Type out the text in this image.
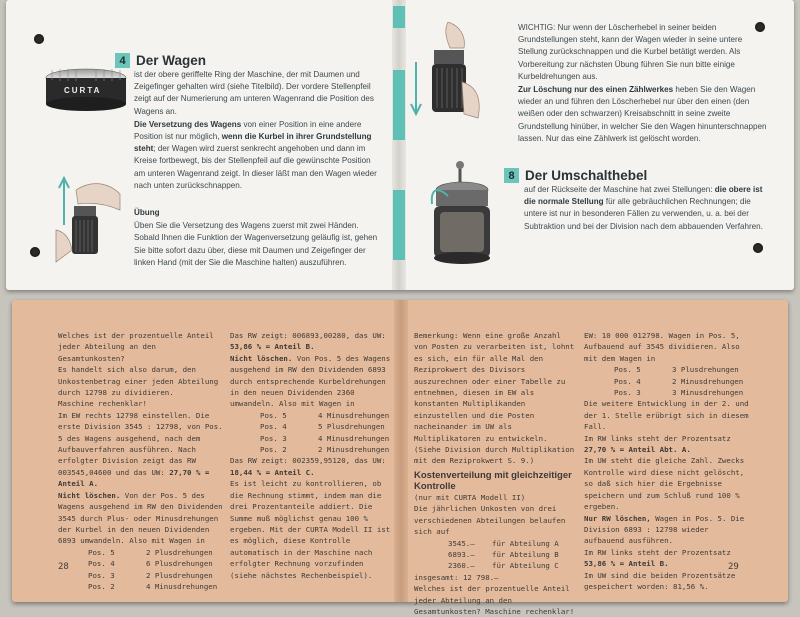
CURTA
4 Der Wagen

ist der obere geriffelte Ring der Maschine, der mit Daumen und Zeigefinger gehalten wird (siehe Titelbild). Der vordere Stellenpfeil zeigt auf der Numerierung am unteren Wagenrand die Position des Wagens an.

Die Versetzung des Wagens von einer Position in eine andere Position ist nur möglich, wenn die Kurbel in ihrer Grundstellung steht; der Wagen wird zuerst senkrecht angehoben und dann im Kreise fortbewegt, bis der Stellenpfeil auf die gewünschte Position am unteren Wagenrand zeigt. In dieser läßt man den Wagen wieder nach unten zurückschnappen.

Übung

Üben Sie die Versetzung des Wagens zuerst mit zwei Händen. Sobald Ihnen die Funktion der Wagenversetzung geläufig ist, gehen Sie bitte sofort dazu über, diese mit Daumen und Zeigefinger der linken Hand (mit der Sie die Maschine halten) auszuführen.

WICHTIG: Nur wenn der Löscherhebel in seiner beiden Grundstellungen steht, kann der Wagen wieder in seine untere Stellung zurückschnappen und die Kurbel betätigt werden. Als Vorbereitung zur nächsten Übung führen Sie nun bitte einige Kurbeldrehungen aus.

Zur Löschung nur des einen Zählwerkes heben Sie den Wagen wieder an und führen den Löscherhebel nur über den einen (den weißen oder den schwarzen) Kreisabschnitt in seine zweite Grundstellung hinüber, in welcher Sie den Wagen hinunterschnappen lassen. Nur das eine Zählwerk ist gelöscht worden.

8 Der Umschalthebel

auf der Rückseite der Maschine hat zwei Stellungen: die obere ist die normale Stellung für alle gebräuchlichen Rechnungen; die untere ist nur in besonderen Fällen zu verwenden, u. a. bei der Subtraktion und bei der Division nach dem abbauenden Verfahren.

Welches ist der prozentuelle Anteil jeder Abteilung an den Gesamtunkosten?

Es handelt sich also darum, den Unkostenbetrag einer jeden Abteilung durch 12798 zu dividieren.

Maschine rechenklar!

Im EW rechts 12798 einstellen. Die erste Division 3545 : 12798, von Pos. 5 des Wagens ausgehend, nach dem Aufbauverfahren ausführen. Nach erfolgter Division zeigt das RW 003545,04600 und das UW: 27,70 % = Anteil A.

Nicht löschen. Von der Pos. 5 des Wagens ausgehend im RW den Dividenden 3545 durch Plus- oder Minusdrehungen der Kurbel in den neuen Dividenden 6893 umwandeln. Also mit Wagen in

Pos. 5	2 Plusdrehungen
Pos. 4	6 Plusdrehungen
Pos. 3	2 Plusdrehungen
Pos. 2	4 Minusdrehungen

Das RW zeigt: 006893,00280, das UW: 53,86 % = Anteil B.

Nicht löschen. Von Pos. 5 des Wagens ausgehend im RW den Dividenden 6893 durch entsprechende Kurbeldrehungen in den neuen Dividenden 2360 umwandeln. Also mit Wagen in

Pos. 5	4 Minusdrehungen
Pos. 4	5 Plusdrehungen
Pos. 3	4 Minusdrehungen
Pos. 2	2 Minusdrehungen

Das RW zeigt: 002359,95120, das UW: 18,44 % = Anteil C.

Es ist leicht zu kontrollieren, ob die Rechnung stimmt, indem man die drei Prozentanteile addiert. Die Summe muß möglichst genau 100 % ergeben. Mit der CURTA Modell II ist es möglich, diese Kontrolle automatisch in der Maschine nach erfolgter Rechnung vorzufinden (siehe nächstes Rechenbeispiel).

28

Bemerkung: Wenn eine große Anzahl von Posten zu verarbeiten ist, lohnt es sich, ein für alle Mal den Reziprokwert des Divisors auszurechnen oder einer Tabelle zu entnehmen, diesen im EW als konstanten Multiplikanden einzustellen und die Posten nacheinander im UW als Multiplikatoren zu entwickeln. (Siehe Division durch Multiplikation mit dem Reziprokwert S. 9.)

Kostenverteilung mit gleichzeitiger Kontrolle

(nur mit CURTA Modell II)

Die jährlichen Unkosten von drei verschiedenen Abteilungen belaufen sich auf

3545.—	für Abteilung A
6893.—	für Abteilung B
2360.—	für Abteilung C

insgesamt: 12 798.—

Welches ist der prozentuelle Anteil jeder Abteilung an den Gesamtunkosten? Maschine rechenklar!

EW: 10 000 012798. Wagen in Pos. 5, Aufbauend auf 3545 dividieren. Also mit dem Wagen in

Pos. 5	3 Plusdrehungen
Pos. 4	2 Minusdrehungen
Pos. 3	3 Minusdrehungen

Die weitere Entwicklung in der 2. und der 1. Stelle erübrigt sich in diesem Fall.

Im RW links steht der Prozentsatz 27,70 % = Anteil Abt. A.

Im UW steht die gleiche Zahl. Zwecks Kontrolle wird diese nicht gelöscht, so daß sich hier die Ergebnisse speichern und zum Schluß rund 100 % ergeben.

Nur RW löschen, Wagen in Pos. 5. Die Division 6893 : 12798 wieder aufbauend ausführen.

Im RW links steht der Prozentsatz 53,86 % = Anteil B.

Im UW sind die beiden Prozentsätze gespeichert worden: 81,56 %.

29
